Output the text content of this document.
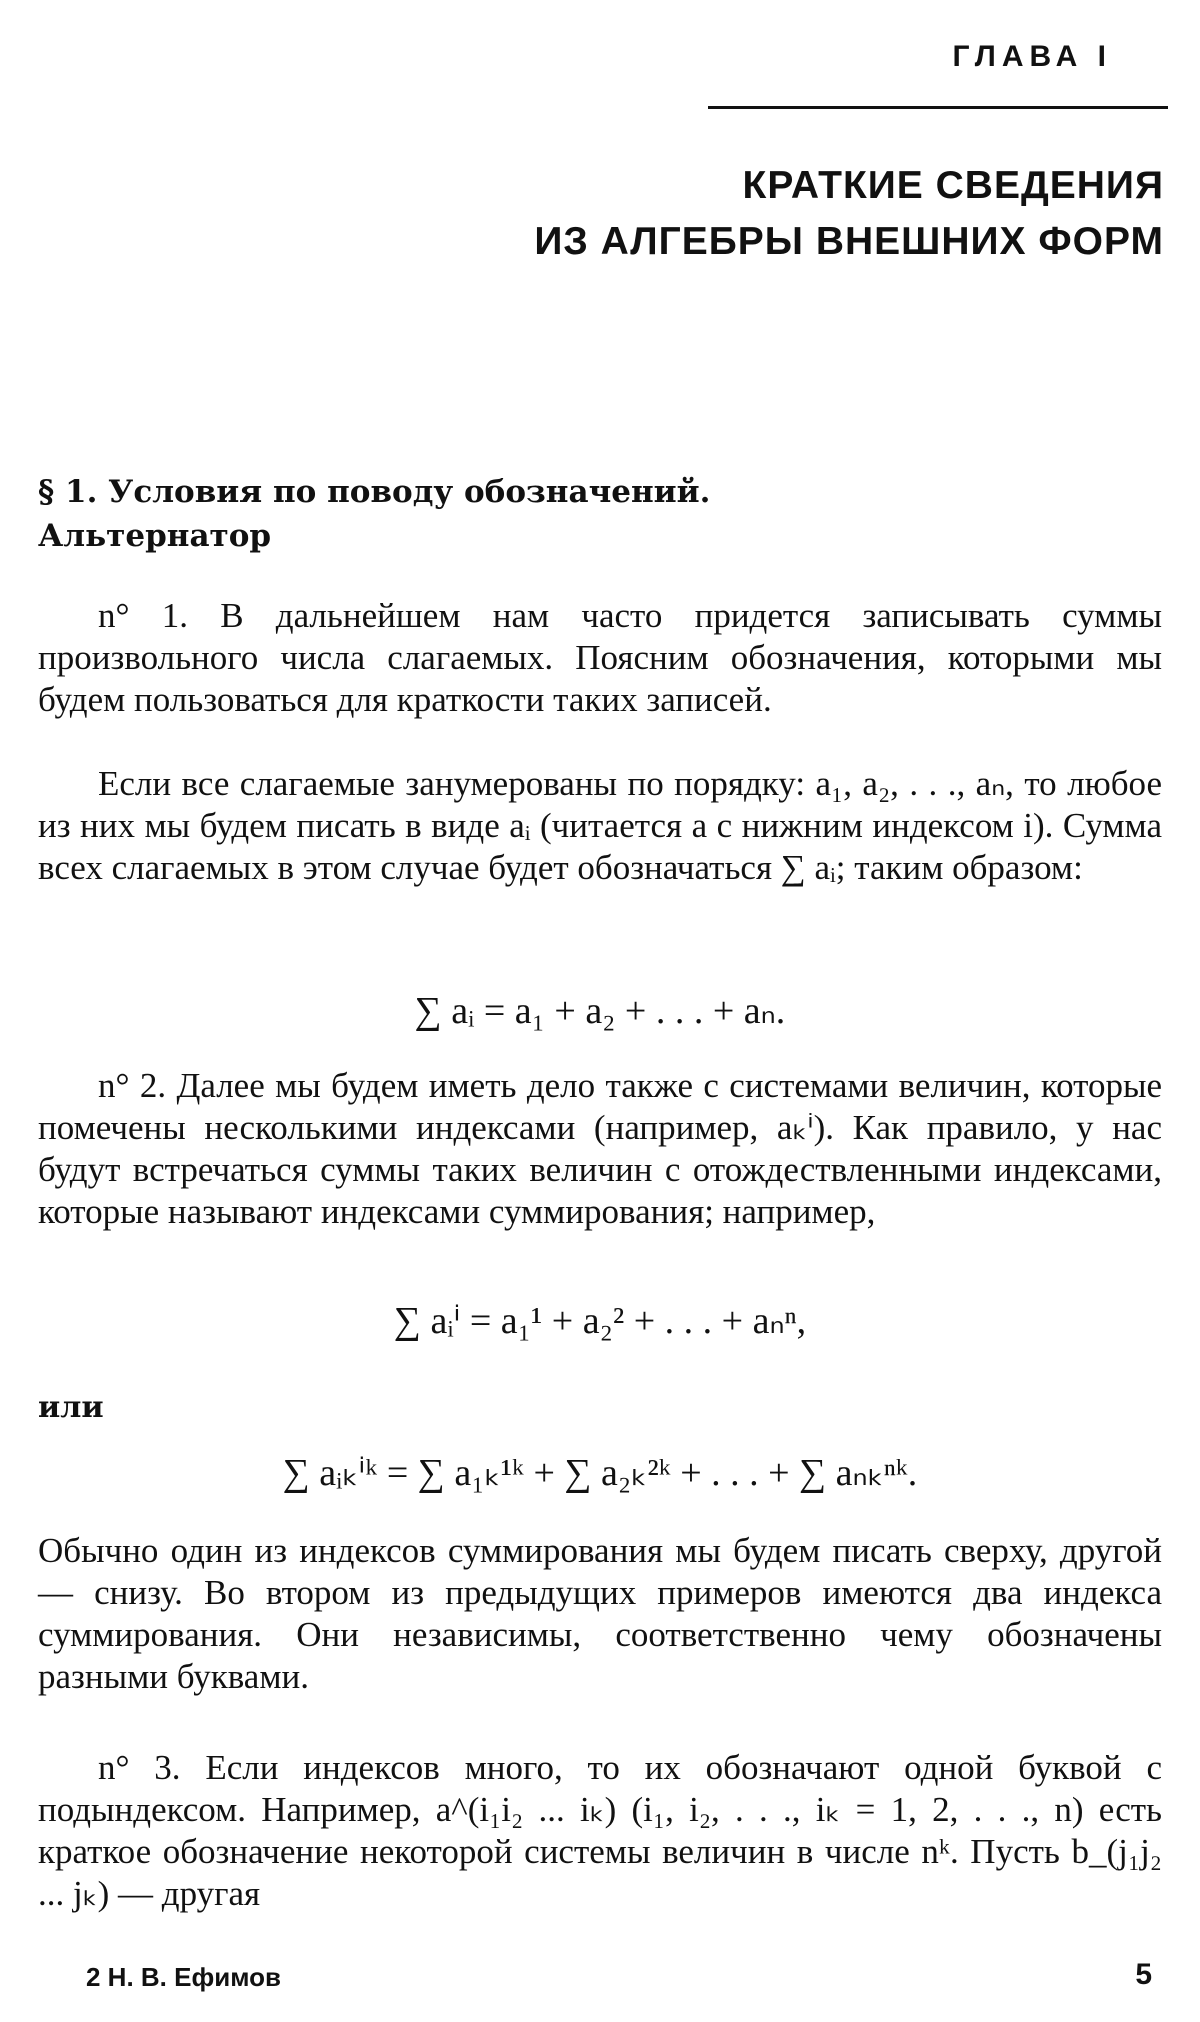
ГЛАВА I
КРАТКИЕ СВЕДЕНИЯ
ИЗ АЛГЕБРЫ ВНЕШНИХ ФОРМ
§ 1. Условия по поводу обозначений.
Альтернатор
n° 1. В дальнейшем нам часто придется записывать суммы произвольного числа слагаемых. Поясним обозначения, которыми мы будем пользоваться для краткости таких записей.
Если все слагаемые занумерованы по порядку: a₁, a₂, . . ., aₙ, то любое из них мы будем писать в виде aᵢ (читается a с нижним индексом i). Сумма всех слагаемых в этом случае будет обозначаться ∑ aᵢ; таким образом:
∑ aᵢ = a₁ + a₂ + . . . + aₙ.
n° 2. Далее мы будем иметь дело также с системами величин, которые помечены несколькими индексами (например, aₖⁱ). Как правило, у нас будут встречаться суммы таких величин с отождествленными индексами, которые называют индексами суммирования; например,
∑ aᵢⁱ = a₁¹ + a₂² + . . . + aₙⁿ,
или
∑ aᵢₖⁱᵏ = ∑ a₁ₖ¹ᵏ + ∑ a₂ₖ²ᵏ + . . . + ∑ aₙₖⁿᵏ.
Обычно один из индексов суммирования мы будем писать сверху, другой — снизу. Во втором из предыдущих примеров имеются два индекса суммирования. Они независимы, соответственно чему обозначены разными буквами.
n° 3. Если индексов много, то их обозначают одной буквой с подындексом. Например, a^(i₁i₂ ... iₖ) (i₁, i₂, . . ., iₖ = 1, 2, . . ., n) есть краткое обозначение некоторой системы величин в числе nᵏ. Пусть b_(j₁j₂ ... jₖ) — другая
2 Н. В. Ефимов	5
